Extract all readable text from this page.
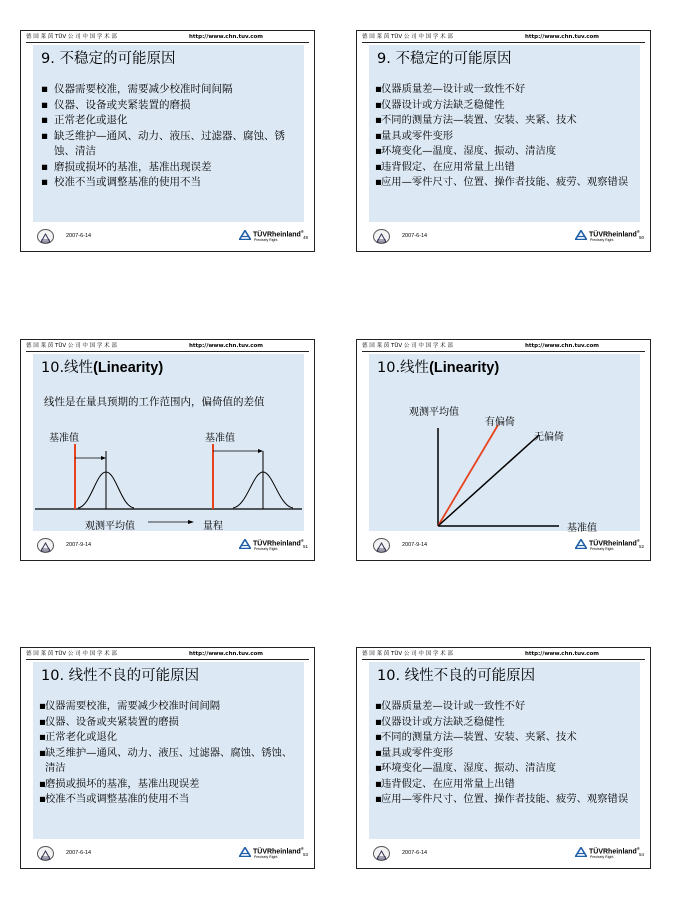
德 国 莱 茵 TÜV 公 司 中 国 学 术 部	http://www.chn.tuv.com
9. 不稳定的可能原因
▪ 仪器需要校准，需要减少校准时间间隔
▪ 仪器、设备或夹紧装置的磨损
▪ 正常老化或退化
▪ 缺乏维护—通风、动力、液压、过滤器、腐蚀、锈蚀、清洁
▪ 磨损或损坏的基准，基准出现误差
▪ 校准不当或调整基准的使用不当
2007-6-14	TÜVRheinland®
Precisely Right.	49
德 国 莱 茵 TÜV 公 司 中 国 学 术 部	http://www.chn.tuv.com
9. 不稳定的可能原因
▪ 仪器质量差—设计或一致性不好
▪ 仪器设计或方法缺乏稳健性
▪ 不同的测量方法—装置、安装、夹紧、技术
▪ 量具或零件变形
▪ 环境变化—温度、湿度、振动、清洁度
▪ 违背假定、在应用常量上出错
▪ 应用—零件尺寸、位置、操作者技能、疲劳、观察错误
2007-6-14	TÜVRheinland®
Precisely Right.	50
德 国 莱 茵 TÜV 公 司 中 国 学 术 部	http://www.chn.tuv.com
10.线性(Linearity)
线性是在量具预期的工作范围内，偏倚值的差值
基准值	基准值
观测平均值	量程
2007-9-14	TÜVRheinland®
Precisely Right.	51
德 国 莱 茵 TÜV 公 司 中 国 学 术 部	http://www.chn.tuv.com
10.线性(Linearity)
观测平均值
有偏倚
无偏倚
基准值
2007-9-14	TÜVRheinland®
Precisely Right.	52
德 国 莱 茵 TÜV 公 司 中 国 学 术 部	http://www.chn.tuv.com
10. 线性不良的可能原因
▪ 仪器需要校准，需要减少校准时间间隔
▪ 仪器、设备或夹紧装置的磨损
▪ 正常老化或退化
▪ 缺乏维护—通风、动力、液压、过滤器、腐蚀、锈蚀、清洁
▪ 磨损或损坏的基准，基准出现误差
▪ 校准不当或调整基准的使用不当
2007-6-14	TÜVRheinland®
Precisely Right.	53
德 国 莱 茵 TÜV 公 司 中 国 学 术 部	http://www.chn.tuv.com
10. 线性不良的可能原因
▪ 仪器质量差—设计或一致性不好
▪ 仪器设计或方法缺乏稳健性
▪ 不同的测量方法—装置、安装、夹紧、技术
▪ 量具或零件变形
▪ 环境变化—温度、湿度、振动、清洁度
▪ 违背假定、在应用常量上出错
▪ 应用—零件尺寸、位置、操作者技能、疲劳、观察错误
2007-6-14	TÜVRheinland®
Precisely Right.	54
